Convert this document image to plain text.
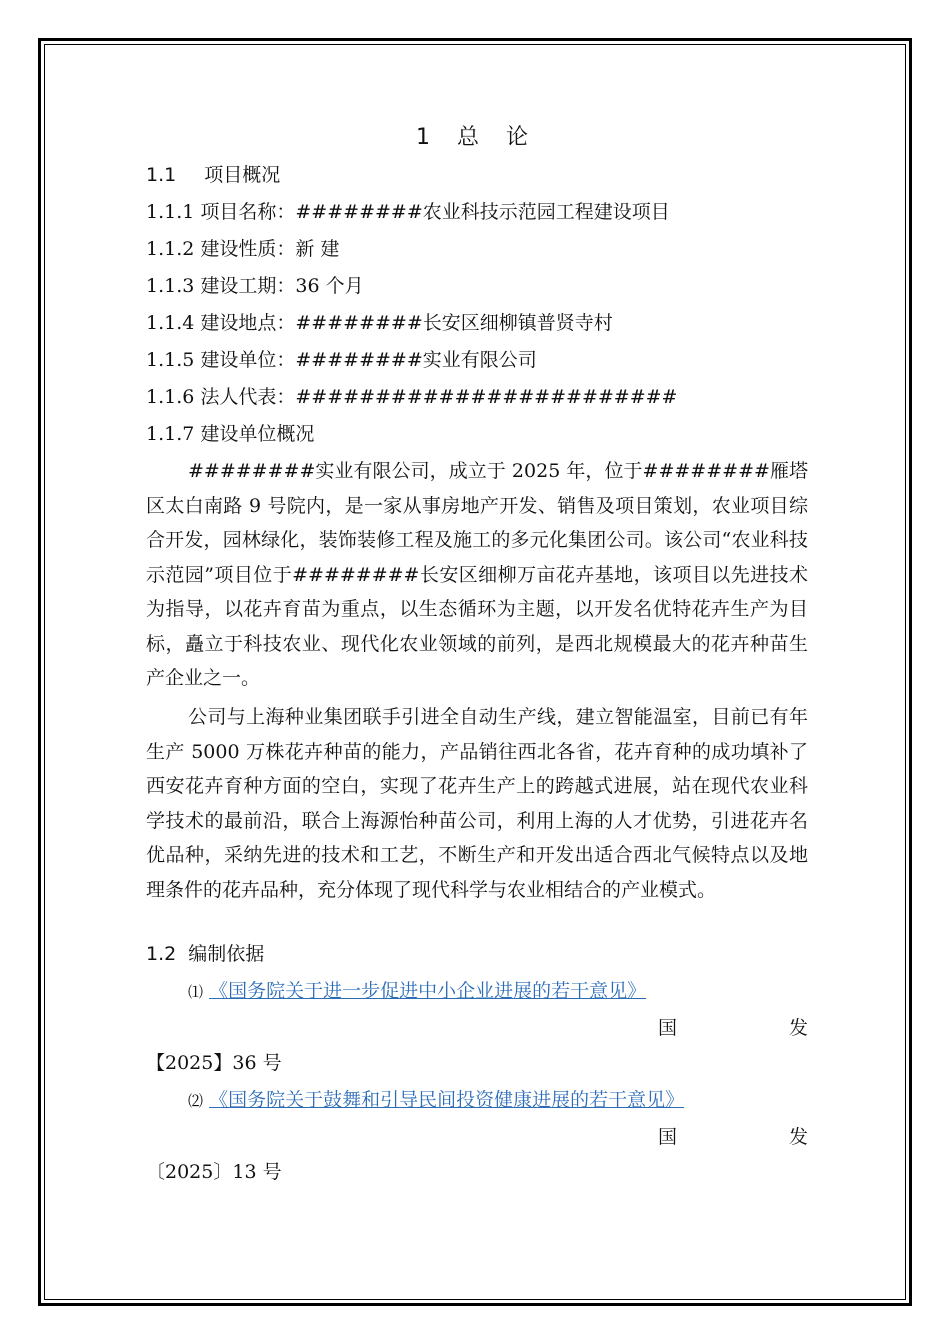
1 总 论
1.1 项目概况
1.1.1 项目名称：########农业科技示范园工程建设项目
1.1.2 建设性质：新 建
1.1.3 建设工期：36 个月
1.1.4 建设地点：########长安区细柳镇普贤寺村
1.1.5 建设单位：########实业有限公司
1.1.6 法人代表：########################
1.1.7 建设单位概况
########实业有限公司，成立于 2025 年，位于########雁塔区太白南路 9 号院内，是一家从事房地产开发、销售及项目策划，农业项目综合开发，园林绿化，装饰装修工程及施工的多元化集团公司。该公司“农业科技示范园”项目位于########长安区细柳万亩花卉基地，该项目以先进技术为指导，以花卉育苗为重点，以生态循环为主题，以开发名优特花卉生产为目标，矗立于科技农业、现代化农业领域的前列，是西北规模最大的花卉种苗生产企业之一。
公司与上海种业集团联手引进全自动生产线，建立智能温室，目前已有年生产 5000 万株花卉种苗的能力，产品销往西北各省，花卉育种的成功填补了西安花卉育种方面的空白，实现了花卉生产上的跨越式进展，站在现代农业科学技术的最前沿，联合上海源怡种苗公司，利用上海的人才优势，引进花卉名优品种，采纳先进的技术和工艺，不断生产和开发出适合西北气候特点以及地理条件的花卉品种，充分体现了现代科学与农业相结合的产业模式。
1.2 编制依据
⑴ 《国务院关于进一步促进中小企业进展的若干意见》
国	发
【2025】36 号
⑵ 《国务院关于鼓舞和引导民间投资健康进展的若干意见》
国	发
〔2025〕13 号
